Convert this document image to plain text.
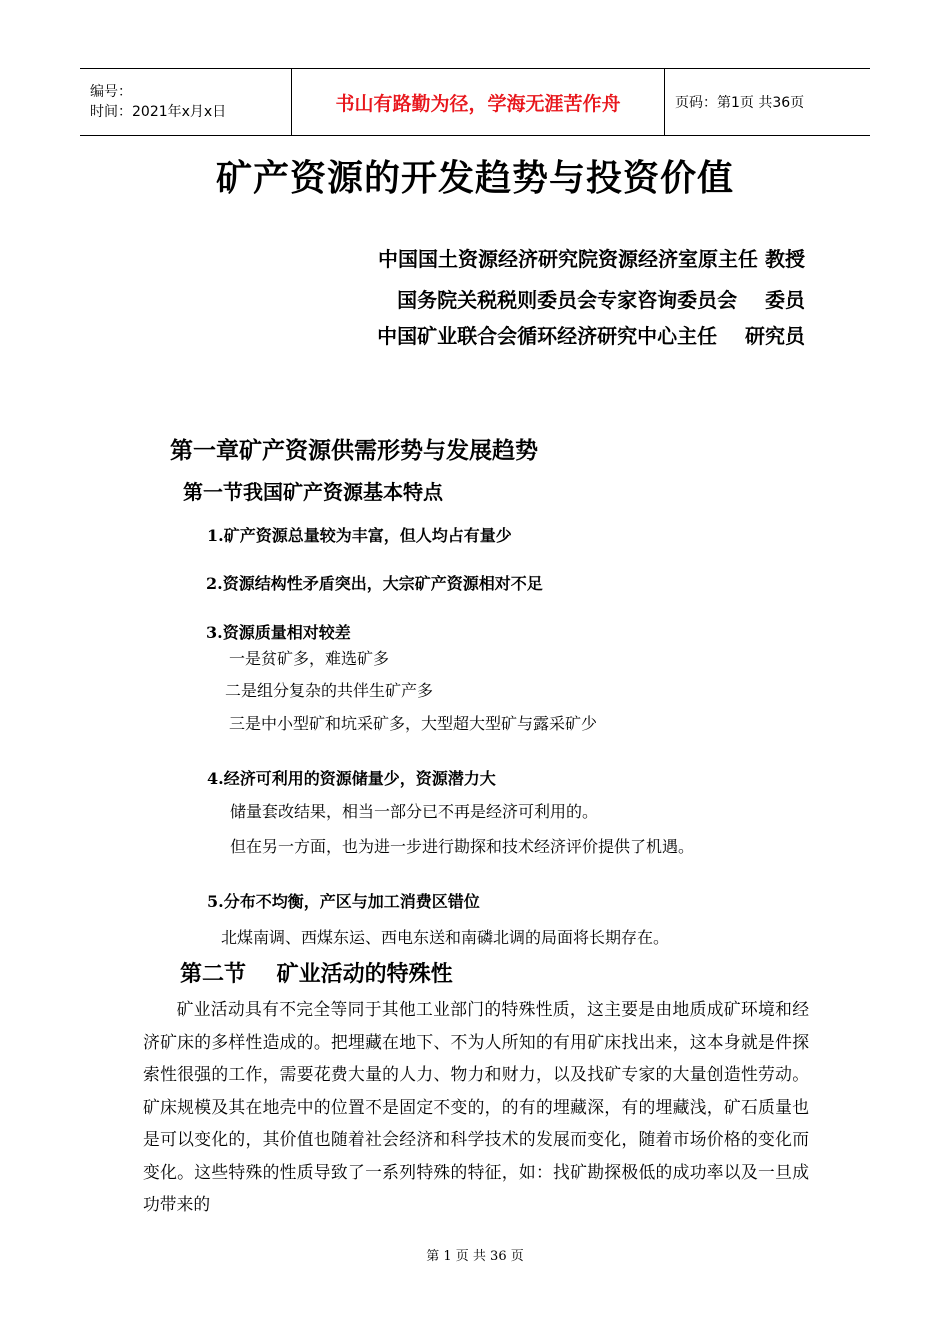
编号：
时间：2021年x月x日	书山有路勤为径，学海无涯苦作舟	页码：第1页 共36页
矿产资源的开发趋势与投资价值
中国国土资源经济研究院资源经济室原主任 教授
国务院关税税则委员会专家咨询委员会    委员
中国矿业联合会循环经济研究中心主任    研究员
第一章矿产资源供需形势与发展趋势
第一节我国矿产资源基本特点
1.矿产资源总量较为丰富，但人均占有量少
2.资源结构性矛盾突出，大宗矿产资源相对不足
3.资源质量相对较差
一是贫矿多，难选矿多
二是组分复杂的共伴生矿产多
三是中小型矿和坑采矿多，大型超大型矿与露采矿少
4.经济可利用的资源储量少，资源潜力大
储量套改结果，相当一部分已不再是经济可利用的。
但在另一方面，也为进一步进行勘探和技术经济评价提供了机遇。
5.分布不均衡，产区与加工消费区错位
北煤南调、西煤东运、西电东送和南磷北调的局面将长期存在。
第二节    矿业活动的特殊性
矿业活动具有不完全等同于其他工业部门的特殊性质，这主要是由地质成矿环境和经济矿床的多样性造成的。把埋藏在地下、不为人所知的有用矿床找出来，这本身就是件探索性很强的工作，需要花费大量的人力、物力和财力，以及找矿专家的大量创造性劳动。矿床规模及其在地壳中的位置不是固定不变的，的有的埋藏深，有的埋藏浅，矿石质量也是可以变化的，其价值也随着社会经济和科学技术的发展而变化，随着市场价格的变化而变化。这些特殊的性质导致了一系列特殊的特征，如：找矿勘探极低的成功率以及一旦成功带来的
第 1 页 共 36 页
